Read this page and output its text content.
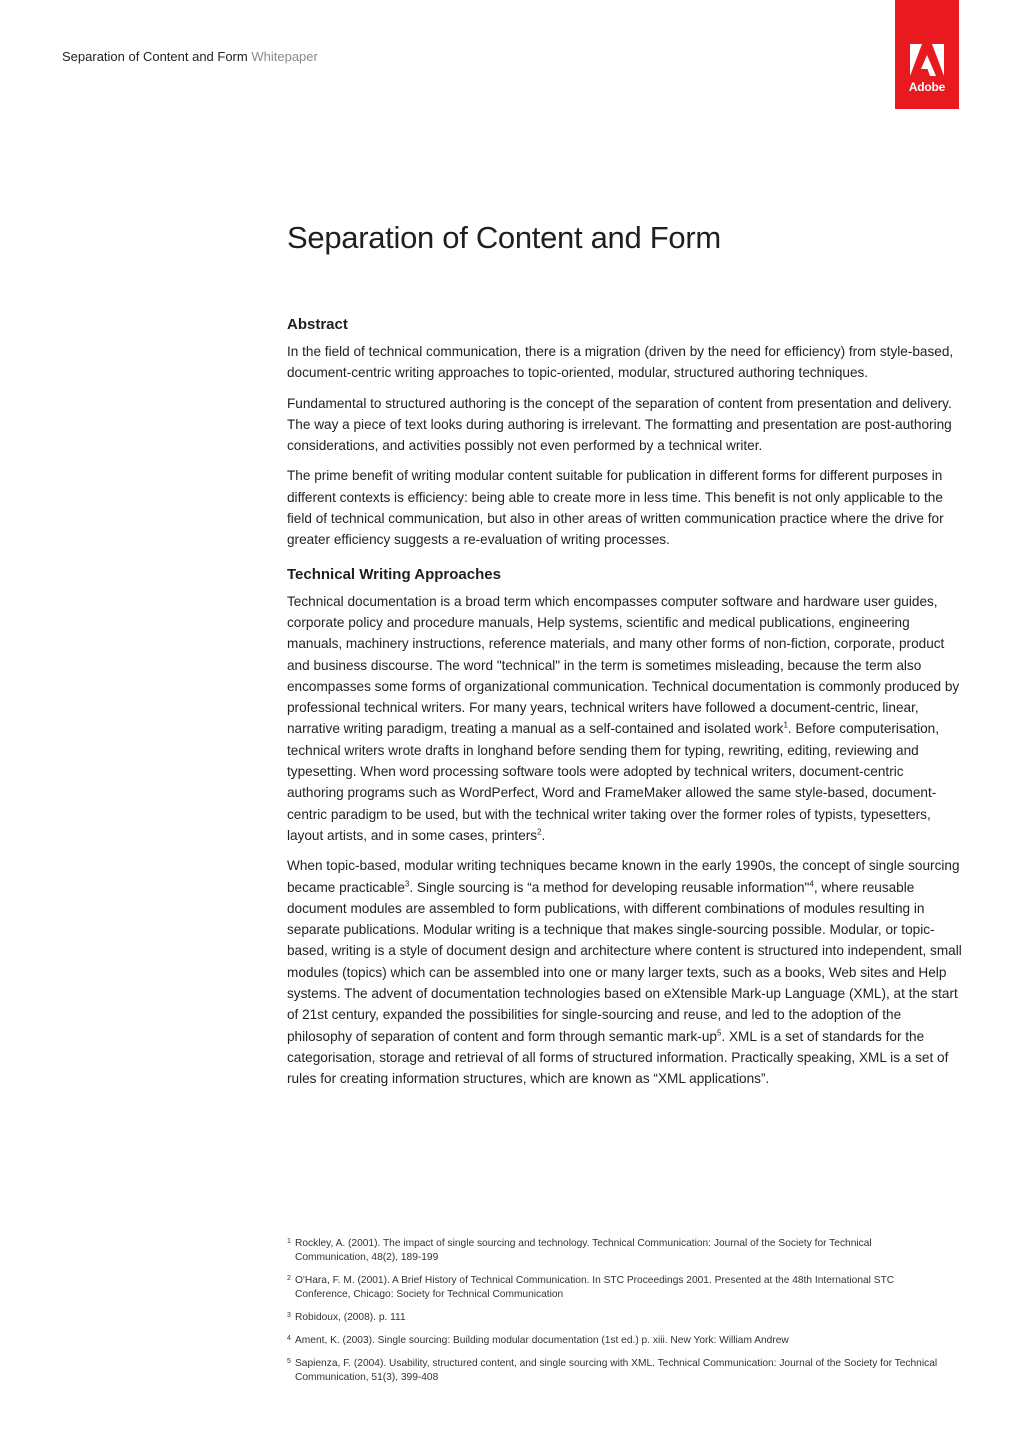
Separation of Content and Form Whitepaper
Adobe
Separation of Content and Form
Abstract

In the field of technical communication, there is a migration (driven by the need for efficiency) from style-based, document-centric writing approaches to topic-oriented, modular, structured authoring techniques.

Fundamental to structured authoring is the concept of the separation of content from presentation and delivery. The way a piece of text looks during authoring is irrelevant. The formatting and presentation are post-authoring considerations, and activities possibly not even performed by a technical writer.

The prime benefit of writing modular content suitable for publication in different forms for different purposes in different contexts is efficiency: being able to create more in less time. This benefit is not only applicable to the field of technical communication, but also in other areas of written communication practice where the drive for greater efficiency suggests a re-evaluation of writing processes.

Technical Writing Approaches

Technical documentation is a broad term which encompasses computer software and hardware user guides, corporate policy and procedure manuals, Help systems, scientific and medical publications, engineering manuals, machinery instructions, reference materials, and many other forms of non-fiction, corporate, product and business discourse. The word "technical" in the term is sometimes misleading, because the term also encompasses some forms of organizational communication. Technical documentation is commonly produced by professional technical writers. For many years, technical writers have followed a document-centric, linear, narrative writing paradigm, treating a manual as a self-contained and isolated work$^1$. Before computerisation, technical writers wrote drafts in longhand before sending them for typing, rewriting, editing, reviewing and typesetting. When word processing software tools were adopted by technical writers, document-centric authoring programs such as WordPerfect, Word and FrameMaker allowed the same style-based, document-centric paradigm to be used, but with the technical writer taking over the former roles of typists, typesetters, layout artists, and in some cases, printers$^2$.

When topic-based, modular writing techniques became known in the early 1990s, the concept of single sourcing became practicable$^3$. Single sourcing is “a method for developing reusable information"$^4$, where reusable document modules are assembled to form publications, with different combinations of modules resulting in separate publications. Modular writing is a technique that makes single-sourcing possible. Modular, or topic-based, writing is a style of document design and architecture where content is structured into independent, small modules (topics) which can be assembled into one or many larger texts, such as a books, Web sites and Help systems. The advent of documentation technologies based on eXtensible Mark-up Language (XML), at the start of 21st century, expanded the possibilities for single-sourcing and reuse, and led to the adoption of the philosophy of separation of content and form through semantic mark-$up^5$. XML is a set of standards for the categorisation, storage and retrieval of all forms of structured information. Practically speaking, XML is a set of rules for creating information structures, which are known as “XML applications”.

1 Rockley, A. (2001). The impact of single sourcing and technology. Technical Communication: Journal of the Society for Technical Communication, 48(2), 189-199
2 O'Hara, F. M. (2001). A Brief History of Technical Communication. In STC Proceedings 2001. Presented at the 48th International STC Conference, Chicago: Society for Technical Communication
3 Robidoux, (2008). p. 111
4 Ament, K. (2003). Single sourcing: Building modular documentation (1st ed.) p. xiii. New York: William Andrew
5 Sapienza, F. (2004). Usability, structured content, and single sourcing with XML. Technical Communication: Journal of the Society for Technical Communication, 51(3), 399-408
